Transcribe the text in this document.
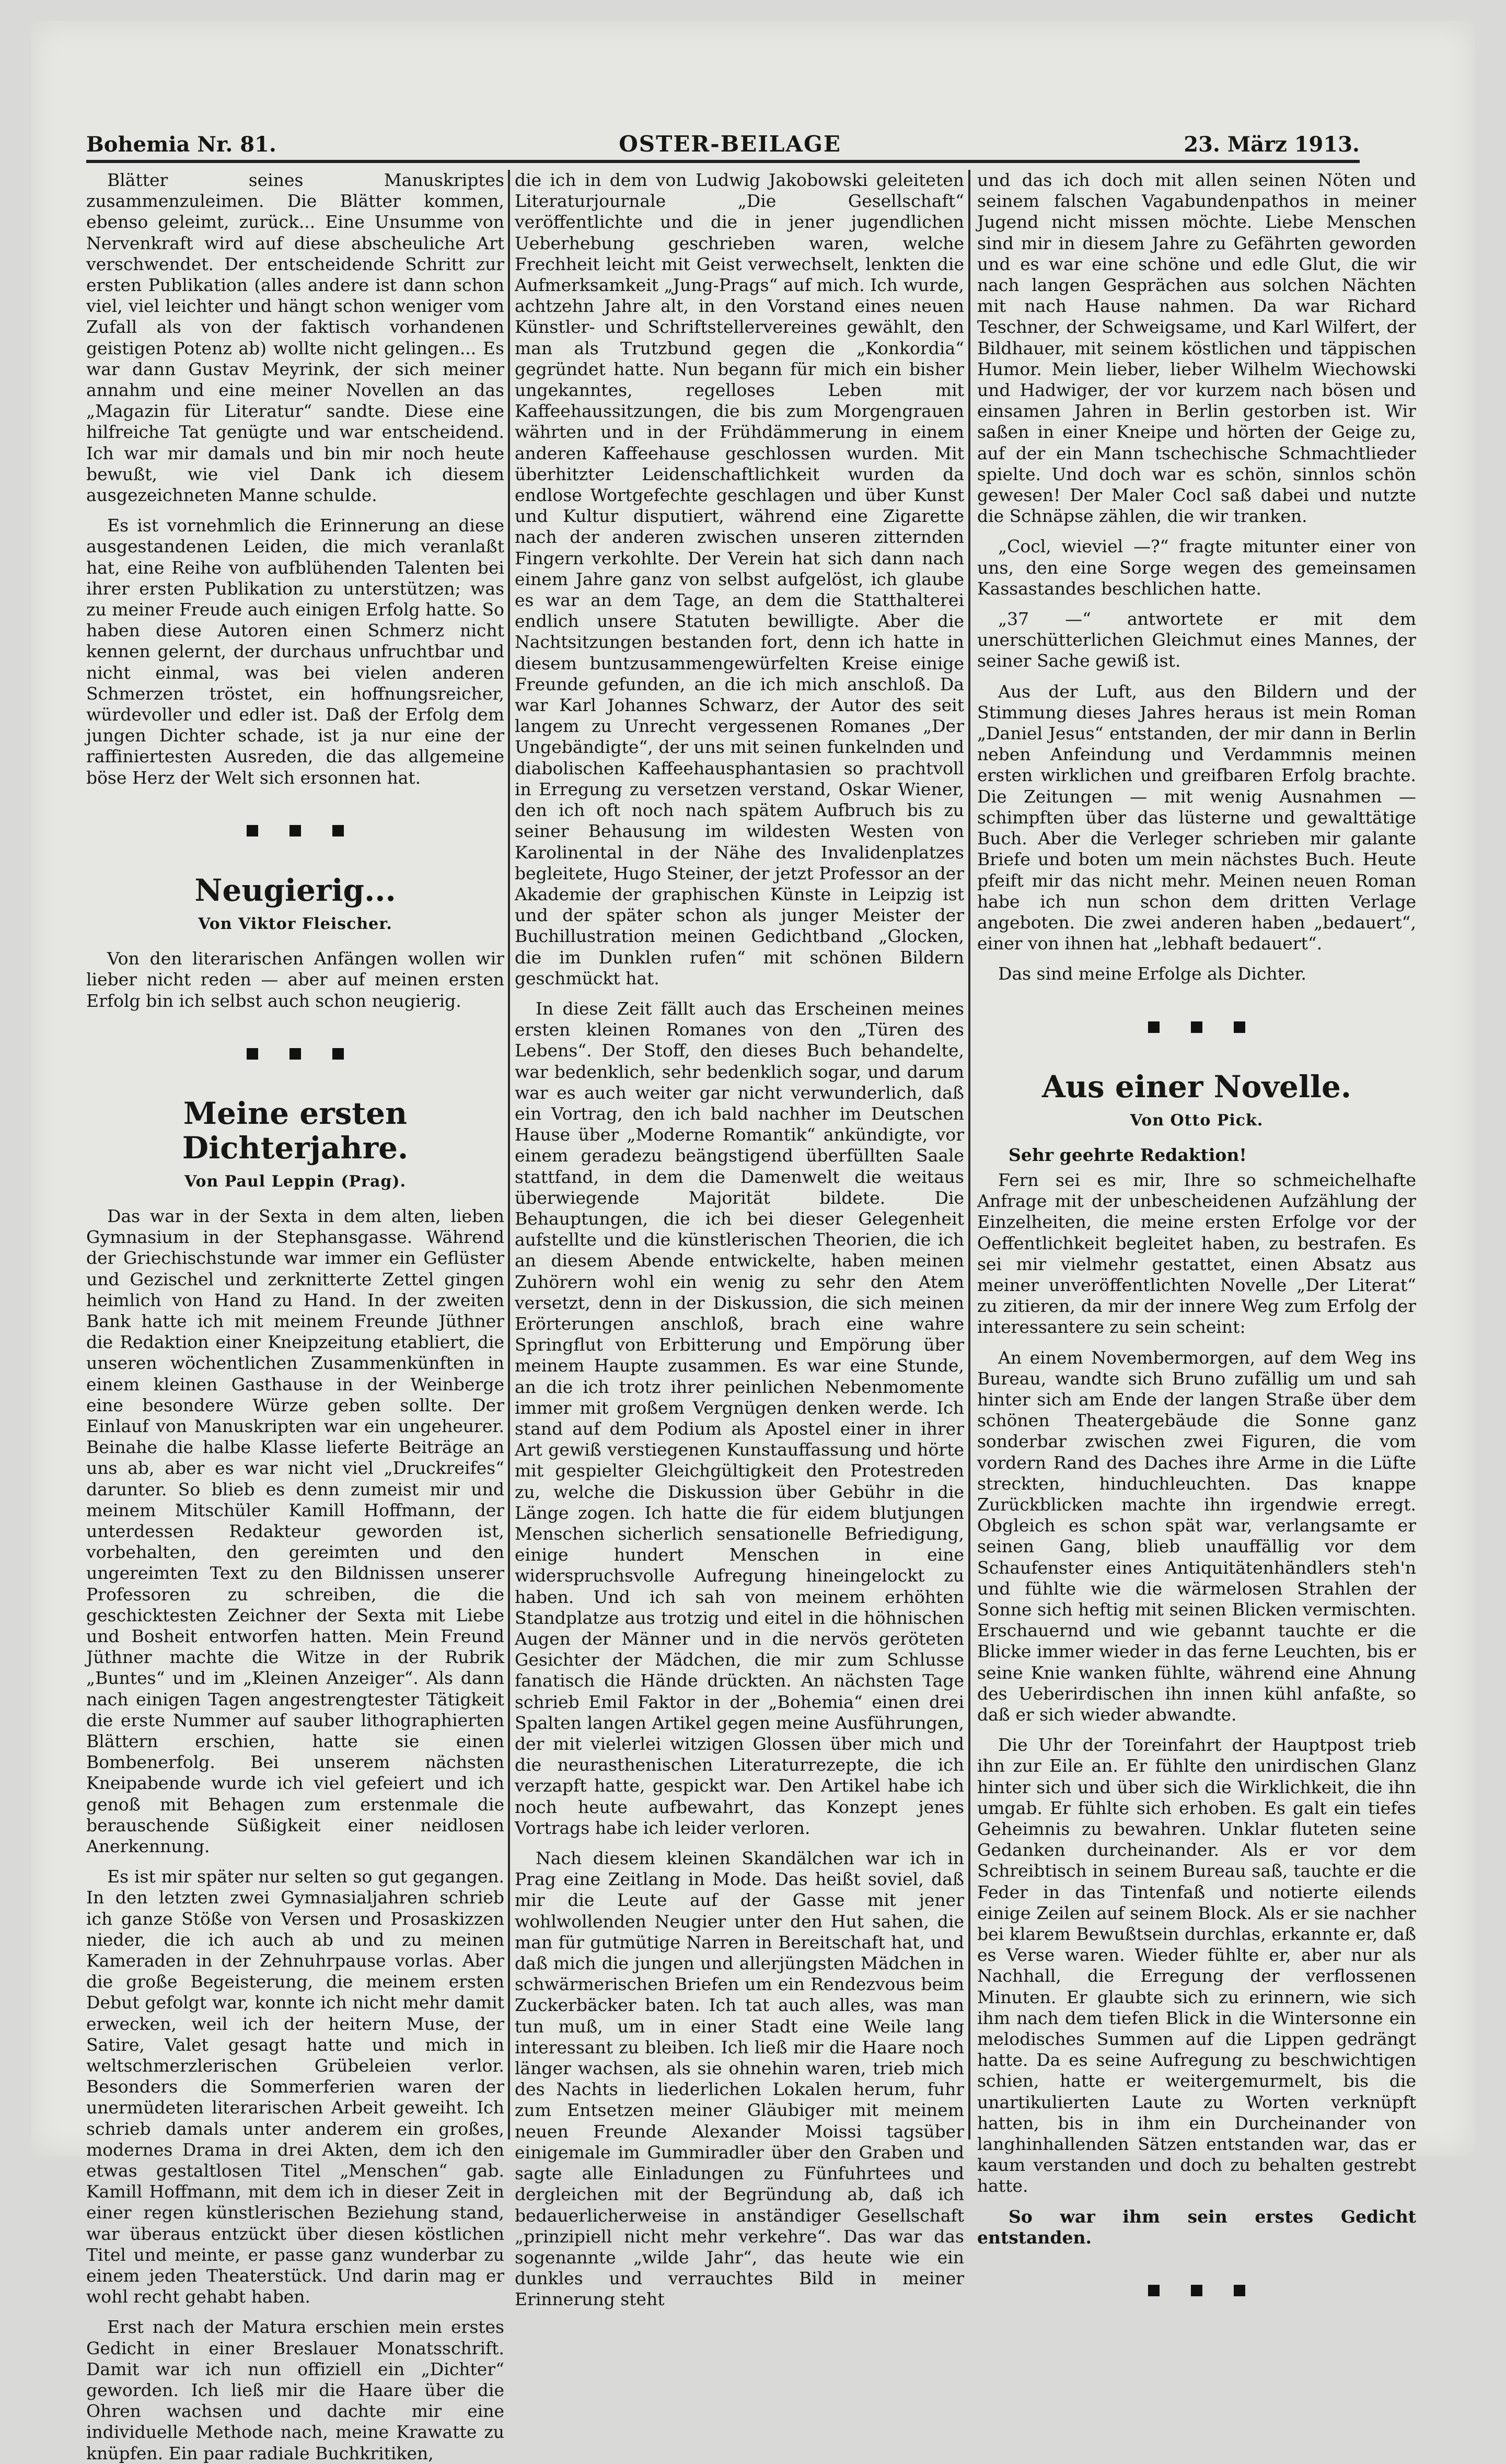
Bohemia Nr. 81.	OSTER-BEILAGE	23. März 1913.

Blätter seines Manuskriptes zusammenzuleimen. Die Blätter kommen, ebenso geleimt, zurück... Eine Unsumme von Nervenkraft wird auf diese abscheuliche Art verschwendet. Der entscheidende Schritt zur ersten Publikation (alles andere ist dann schon viel, viel leichter und hängt schon weniger vom Zufall als von der faktisch vorhandenen geistigen Potenz ab) wollte nicht gelingen... Es war dann Gustav Meyrink, der sich meiner annahm und eine meiner Novellen an das „Magazin für Literatur“ sandte. Diese eine hilfreiche Tat genügte und war entscheidend. Ich war mir damals und bin mir noch heute bewußt, wie viel Dank ich diesem ausgezeichneten Manne schulde.

Es ist vornehmlich die Erinnerung an diese ausgestandenen Leiden, die mich veranlaßt hat, eine Reihe von aufblühenden Talenten bei ihrer ersten Publikation zu unterstützen; was zu meiner Freude auch einigen Erfolg hatte. So haben diese Autoren einen Schmerz nicht kennen gelernt, der durchaus unfruchtbar und nicht einmal, was bei vielen anderen Schmerzen tröstet, ein hoffnungsreicher, würdevoller und edler ist. Daß der Erfolg dem jungen Dichter schade, ist ja nur eine der raffiniertesten Ausreden, die das allgemeine böse Herz der Welt sich ersonnen hat.

Neugierig...
Von Viktor Fleischer.

Von den literarischen Anfängen wollen wir lieber nicht reden — aber auf meinen ersten Erfolg bin ich selbst auch schon neugierig.

Meine ersten Dichterjahre.
Von Paul Leppin (Prag).

Das war in der Sexta in dem alten, lieben Gymnasium in der Stephansgasse. Während der Griechischstunde war immer ein Geflüster und Gezischel und zerknitterte Zettel gingen heimlich von Hand zu Hand. In der zweiten Bank hatte ich mit meinem Freunde Jüthner die Redaktion einer Kneipzeitung etabliert, die unseren wöchentlichen Zusammenkünften in einem kleinen Gasthause in der Weinberge eine besondere Würze geben sollte. Der Einlauf von Manuskripten war ein ungeheurer. Beinahe die halbe Klasse lieferte Beiträge an uns ab, aber es war nicht viel „Druckreifes“ darunter. So blieb es denn zumeist mir und meinem Mitschüler Kamill Hoffmann, der unterdessen Redakteur geworden ist, vorbehalten, den gereimten und den ungereimten Text zu den Bildnissen unserer Professoren zu schreiben, die die geschicktesten Zeichner der Sexta mit Liebe und Bosheit entworfen hatten. Mein Freund Jüthner machte die Witze in der Rubrik „Buntes“ und im „Kleinen Anzeiger“. Als dann nach einigen Tagen angestrengtester Tätigkeit die erste Nummer auf sauber lithographierten Blättern erschien, hatte sie einen Bombenerfolg. Bei unserem nächsten Kneipabende wurde ich viel gefeiert und ich genoß mit Behagen zum erstenmale die berauschende Süßigkeit einer neidlosen Anerkennung.

Es ist mir später nur selten so gut gegangen. In den letzten zwei Gymnasialjahren schrieb ich ganze Stöße von Versen und Prosaskizzen nieder, die ich auch ab und zu meinen Kameraden in der Zehnuhrpause vorlas. Aber die große Begeisterung, die meinem ersten Debut gefolgt war, konnte ich nicht mehr damit erwecken, weil ich der heitern Muse, der Satire, Valet gesagt hatte und mich in weltschmerzlerischen Grübeleien verlor. Besonders die Sommerferien waren der unermüdeten literarischen Arbeit geweiht. Ich schrieb damals unter anderem ein großes, modernes Drama in drei Akten, dem ich den etwas gestaltlosen Titel „Menschen“ gab. Kamill Hoffmann, mit dem ich in dieser Zeit in einer regen künstlerischen Beziehung stand, war überaus entzückt über diesen köstlichen Titel und meinte, er passe ganz wunderbar zu einem jeden Theaterstück. Und darin mag er wohl recht gehabt haben.

Erst nach der Matura erschien mein erstes Gedicht in einer Breslauer Monatsschrift. Damit war ich nun offiziell ein „Dichter“ geworden. Ich ließ mir die Haare über die Ohren wachsen und dachte mir eine individuelle Methode nach, meine Krawatte zu knüpfen. Ein paar radiale Buchkritiken,

die ich in dem von Ludwig Jakobowski geleiteten Literaturjournale „Die Gesellschaft“ veröffentlichte und die in jener jugendlichen Ueberhebung geschrieben waren, welche Frechheit leicht mit Geist verwechselt, lenkten die Aufmerksamkeit „Jung-Prags“ auf mich. Ich wurde, achtzehn Jahre alt, in den Vorstand eines neuen Künstler- und Schriftstellervereines gewählt, den man als Trutzbund gegen die „Konkordia“ gegründet hatte. Nun begann für mich ein bisher ungekanntes, regelloses Leben mit Kaffeehaussitzungen, die bis zum Morgengrauen währten und in der Frühdämmerung in einem anderen Kaffeehause geschlossen wurden. Mit überhitzter Leidenschaftlichkeit wurden da endlose Wortgefechte geschlagen und über Kunst und Kultur disputiert, während eine Zigarette nach der anderen zwischen unseren zitternden Fingern verkohlte. Der Verein hat sich dann nach einem Jahre ganz von selbst aufgelöst, ich glaube es war an dem Tage, an dem die Statthalterei endlich unsere Statuten bewilligte. Aber die Nachtsitzungen bestanden fort, denn ich hatte in diesem buntzusammengewürfelten Kreise einige Freunde gefunden, an die ich mich anschloß. Da war Karl Johannes Schwarz, der Autor des seit langem zu Unrecht vergessenen Romanes „Der Ungebändigte“, der uns mit seinen funkelnden und diabolischen Kaffeehausphantasien so prachtvoll in Erregung zu versetzen verstand, Oskar Wiener, den ich oft noch nach spätem Aufbruch bis zu seiner Behausung im wildesten Westen von Karolinental in der Nähe des Invalidenplatzes begleitete, Hugo Steiner, der jetzt Professor an der Akademie der graphischen Künste in Leipzig ist und der später schon als junger Meister der Buchillustration meinen Gedichtband „Glocken, die im Dunklen rufen“ mit schönen Bildern geschmückt hat.

In diese Zeit fällt auch das Erscheinen meines ersten kleinen Romanes von den „Türen des Lebens“. Der Stoff, den dieses Buch behandelte, war bedenklich, sehr bedenklich sogar, und darum war es auch weiter gar nicht verwunderlich, daß ein Vortrag, den ich bald nachher im Deutschen Hause über „Moderne Romantik“ ankündigte, vor einem geradezu beängstigend überfüllten Saale stattfand, in dem die Damenwelt die weitaus überwiegende Majorität bildete. Die Behauptungen, die ich bei dieser Gelegenheit aufstellte und die künstlerischen Theorien, die ich an diesem Abende entwickelte, haben meinen Zuhörern wohl ein wenig zu sehr den Atem versetzt, denn in der Diskussion, die sich meinen Erörterungen anschloß, brach eine wahre Springflut von Erbitterung und Empörung über meinem Haupte zusammen. Es war eine Stunde, an die ich trotz ihrer peinlichen Nebenmomente immer mit großem Vergnügen denken werde. Ich stand auf dem Podium als Apostel einer in ihrer Art gewiß verstiegenen Kunstauffassung und hörte mit gespielter Gleichgültigkeit den Protestreden zu, welche die Diskussion über Gebühr in die Länge zogen. Ich hatte die für eidem blutjungen Menschen sicherlich sensationelle Befriedigung, einige hundert Menschen in eine widerspruchsvolle Aufregung hineingelockt zu haben. Und ich sah von meinem erhöhten Standplatze aus trotzig und eitel in die höhnischen Augen der Männer und in die nervös geröteten Gesichter der Mädchen, die mir zum Schlusse fanatisch die Hände drückten. An nächsten Tage schrieb Emil Faktor in der „Bohemia“ einen drei Spalten langen Artikel gegen meine Ausführungen, der mit vielerlei witzigen Glossen über mich und die neurasthenischen Literaturrezepte, die ich verzapft hatte, gespickt war. Den Artikel habe ich noch heute aufbewahrt, das Konzept jenes Vortrags habe ich leider verloren.

Nach diesem kleinen Skandälchen war ich in Prag eine Zeitlang in Mode. Das heißt soviel, daß mir die Leute auf der Gasse mit jener wohlwollenden Neugier unter den Hut sahen, die man für gutmütige Narren in Bereitschaft hat, und daß mich die jungen und allerjüngsten Mädchen in schwärmerischen Briefen um ein Rendezvous beim Zuckerbäcker baten. Ich tat auch alles, was man tun muß, um in einer Stadt eine Weile lang interessant zu bleiben. Ich ließ mir die Haare noch länger wachsen, als sie ohnehin waren, trieb mich des Nachts in liederlichen Lokalen herum, fuhr zum Entsetzen meiner Gläubiger mit meinem neuen Freunde Alexander Moissi tagsüber einigemale im Gummiradler über den Graben und sagte alle Einladungen zu Fünfuhrtees und dergleichen mit der Begründung ab, daß ich bedauerlicherweise in anständiger Gesellschaft „prinzipiell nicht mehr verkehre“. Das war das sogenannte „wilde Jahr“, das heute wie ein dunkles und verrauchtes Bild in meiner Erinnerung steht

und das ich doch mit allen seinen Nöten und seinem falschen Vagabundenpathos in meiner Jugend nicht missen möchte. Liebe Menschen sind mir in diesem Jahre zu Gefährten geworden und es war eine schöne und edle Glut, die wir nach langen Gesprächen aus solchen Nächten mit nach Hause nahmen. Da war Richard Teschner, der Schweigsame, und Karl Wilfert, der Bildhauer, mit seinem köstlichen und täppischen Humor. Mein lieber, lieber Wilhelm Wiechowski und Hadwiger, der vor kurzem nach bösen und einsamen Jahren in Berlin gestorben ist. Wir saßen in einer Kneipe und hörten der Geige zu, auf der ein Mann tschechische Schmachtlieder spielte. Und doch war es schön, sinnlos schön gewesen! Der Maler Cocl saß dabei und nutzte die Schnäpse zählen, die wir tranken.

„Cocl, wieviel —?“ fragte mitunter einer von uns, den eine Sorge wegen des gemeinsamen Kassastandes beschlichen hatte.

„37 —“ antwortete er mit dem unerschütterlichen Gleichmut eines Mannes, der seiner Sache gewiß ist.

Aus der Luft, aus den Bildern und der Stimmung dieses Jahres heraus ist mein Roman „Daniel Jesus“ entstanden, der mir dann in Berlin neben Anfeindung und Verdammnis meinen ersten wirklichen und greifbaren Erfolg brachte. Die Zeitungen — mit wenig Ausnahmen — schimpften über das lüsterne und gewalttätige Buch. Aber die Verleger schrieben mir galante Briefe und boten um mein nächstes Buch. Heute pfeift mir das nicht mehr. Meinen neuen Roman habe ich nun schon dem dritten Verlage angeboten. Die zwei anderen haben „bedauert“, einer von ihnen hat „lebhaft bedauert“.

Das sind meine Erfolge als Dichter.

Aus einer Novelle.
Von Otto Pick.

Sehr geehrte Redaktion!

Fern sei es mir, Ihre so schmeichelhafte Anfrage mit der unbescheidenen Aufzählung der Einzelheiten, die meine ersten Erfolge vor der Oeffentlichkeit begleitet haben, zu bestrafen. Es sei mir vielmehr gestattet, einen Absatz aus meiner unveröffentlichten Novelle „Der Literat“ zu zitieren, da mir der innere Weg zum Erfolg der interessantere zu sein scheint:

An einem Novembermorgen, auf dem Weg ins Bureau, wandte sich Bruno zufällig um und sah hinter sich am Ende der langen Straße über dem schönen Theatergebäude die Sonne ganz sonderbar zwischen zwei Figuren, die vom vordern Rand des Daches ihre Arme in die Lüfte streckten, hinduchleuchten. Das knappe Zurückblicken machte ihn irgendwie erregt. Obgleich es schon spät war, verlangsamte er seinen Gang, blieb unauffällig vor dem Schaufenster eines Antiquitätenhändlers steh'n und fühlte wie die wärmelosen Strahlen der Sonne sich heftig mit seinen Blicken vermischten. Erschauernd und wie gebannt tauchte er die Blicke immer wieder in das ferne Leuchten, bis er seine Knie wanken fühlte, während eine Ahnung des Ueberirdischen ihn innen kühl anfaßte, so daß er sich wieder abwandte.

Die Uhr der Toreinfahrt der Hauptpost trieb ihn zur Eile an. Er fühlte den unirdischen Glanz hinter sich und über sich die Wirklichkeit, die ihn umgab. Er fühlte sich erhoben. Es galt ein tiefes Geheimnis zu bewahren. Unklar fluteten seine Gedanken durcheinander. Als er vor dem Schreibtisch in seinem Bureau saß, tauchte er die Feder in das Tintenfaß und notierte eilends einige Zeilen auf seinem Block. Als er sie nachher bei klarem Bewußtsein durchlas, erkannte er, daß es Verse waren. Wieder fühlte er, aber nur als Nachhall, die Erregung der verflossenen Minuten. Er glaubte sich zu erinnern, wie sich ihm nach dem tiefen Blick in die Wintersonne ein melodisches Summen auf die Lippen gedrängt hatte. Da es seine Aufregung zu beschwichtigen schien, hatte er weitergemurmelt, bis die unartikulierten Laute zu Worten verknüpft hatten, bis in ihm ein Durcheinander von langhinhallenden Sätzen entstanden war, das er kaum verstanden und doch zu behalten gestrebt hatte.

So war ihm sein erstes Gedicht entstanden.
